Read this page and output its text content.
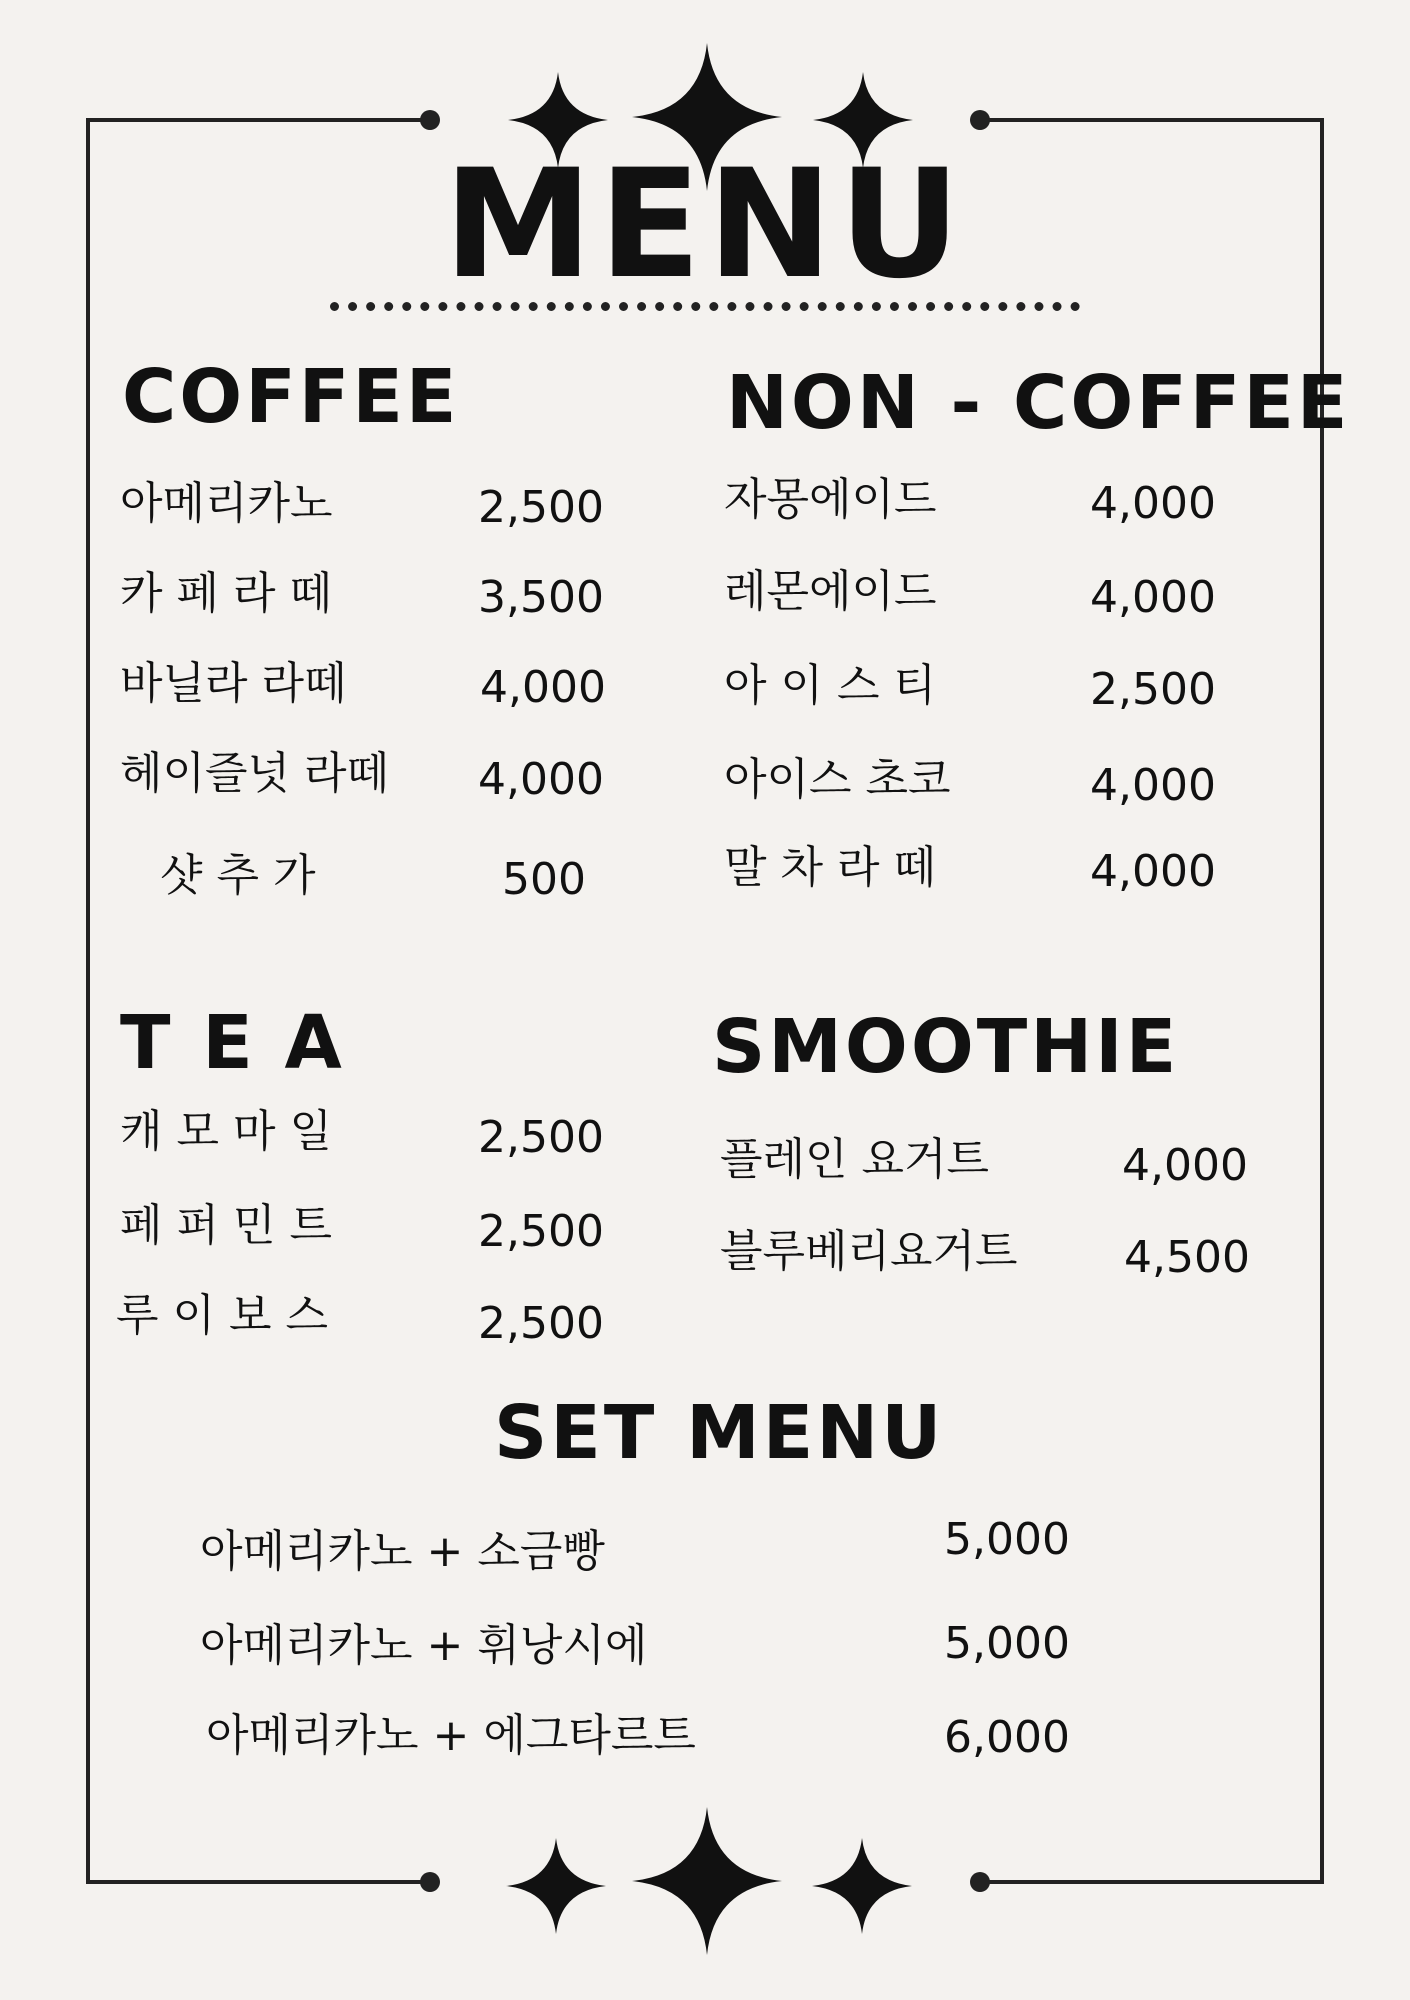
MENU
COFFEE
아메리카노	2,500
카 페 라 떼	3,500
바닐라 라떼	4,000
헤이즐넛 라떼 4,000
샷 추 가	500
NON - COFFEE
자몽에이드	4,000
레몬에이드	4,000
아 이 스 티	2,500
아이스 초코	4,000
말 차 라 떼	4,000
T E A
캐 모 마 일	2,500
페 퍼 민 트	2,500
루 이 보 스	2,500
SMOOTHIE
플레인 요거트	4,000
블루베리요거트 4,500
SET MENU
아메리카노 + 소금빵	5,000
아메리카노 + 휘낭시에	5,000
아메리카노 + 에그타르트	6,000
